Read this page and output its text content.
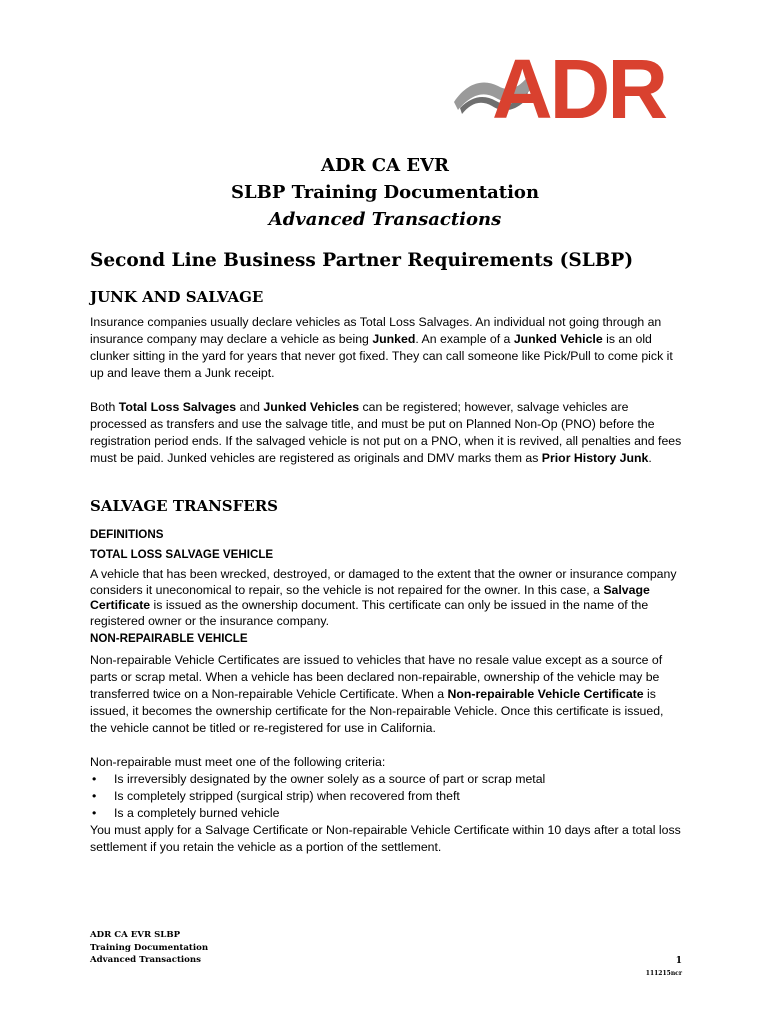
ADR
ADR CA EVR
SLBP Training Documentation
Advanced Transactions
Second Line Business Partner Requirements (SLBP)
JUNK AND SALVAGE

Insurance companies usually declare vehicles as Total Loss Salvages. An individual not going through an insurance company may declare a vehicle as being Junked. An example of a Junked Vehicle is an old clunker sitting in the yard for years that never got fixed. They can call someone like Pick/Pull to come pick it up and leave them a Junk receipt.

Both Total Loss Salvages and Junked Vehicles can be registered; however, salvage vehicles are processed as transfers and use the salvage title, and must be put on Planned Non-Op (PNO) before the registration period ends. If the salvaged vehicle is not put on a PNO, when it is revived, all penalties and fees must be paid. Junked vehicles are registered as originals and DMV marks them as Prior History Junk.

SALVAGE TRANSFERS
DEFINITIONS
TOTAL LOSS SALVAGE VEHICLE

A vehicle that has been wrecked, destroyed, or damaged to the extent that the owner or insurance company considers it uneconomical to repair, so the vehicle is not repaired for the owner. In this case, a Salvage Certificate is issued as the ownership document. This certificate can only be issued in the name of the registered owner or the insurance company.

NON-REPAIRABLE VEHICLE

Non-repairable Vehicle Certificates are issued to vehicles that have no resale value except as a source of parts or scrap metal. When a vehicle has been declared non-repairable, ownership of the vehicle may be transferred twice on a Non-repairable Vehicle Certificate. When a Non-repairable Vehicle Certificate is issued, it becomes the ownership certificate for the Non-repairable Vehicle. Once this certificate is issued, the vehicle cannot be titled or re-registered for use in California.

Non-repairable must meet one of the following criteria:

• Is irreversibly designated by the owner solely as a source of part or scrap metal
• Is completely stripped (surgical strip) when recovered from theft
• Is a completely burned vehicle

You must apply for a Salvage Certificate or Non-repairable Vehicle Certificate within 10 days after a total loss settlement if you retain the vehicle as a portion of the settlement.

ADR CA EVR SLBP
Training Documentation
Advanced Transactions	1
111215ncr
